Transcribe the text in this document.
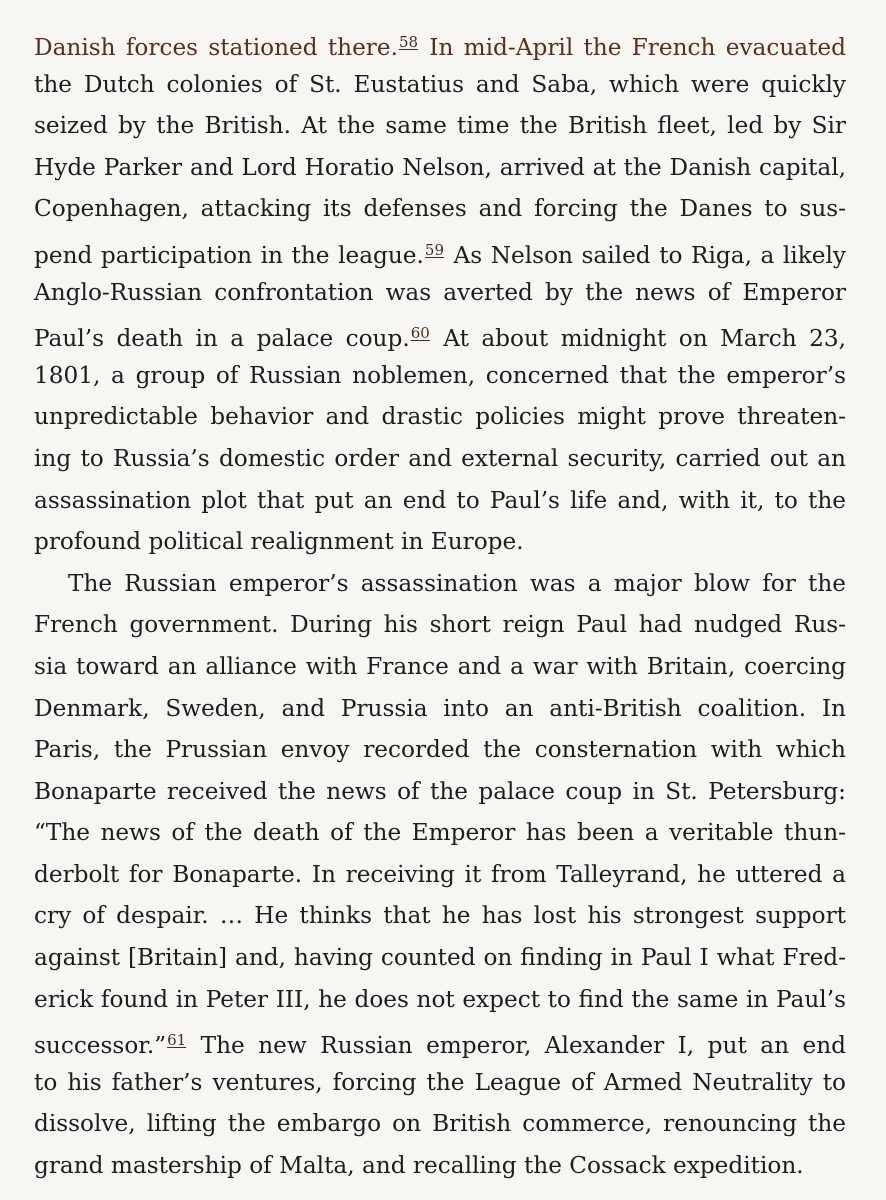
Danish forces stationed there.$^{58}$ In mid-April the French evacuated
the Dutch colonies of St. Eustatius and Saba, which were quickly
seized by the British. At the same time the British fleet, led by Sir
Hyde Parker and Lord Horatio Nelson, arrived at the Danish capital,
Copenhagen, attacking its defenses and forcing the Danes to sus-
pend participation in the league.$^{59}$ As Nelson sailed to Riga, a likely
Anglo-Russian confrontation was averted by the news of Emperor
Paul’s death in a palace coup.$^{60}$ At about midnight on March 23,
1801, a group of Russian noblemen, concerned that the emperor’s
unpredictable behavior and drastic policies might prove threaten-
ing to Russia’s domestic order and external security, carried out an
assassination plot that put an end to Paul’s life and, with it, to the
profound political realignment in Europe.
The Russian emperor’s assassination was a major blow for the
French government. During his short reign Paul had nudged Rus-
sia toward an alliance with France and a war with Britain, coercing
Denmark, Sweden, and Prussia into an anti-British coalition. In
Paris, the Prussian envoy recorded the consternation with which
Bonaparte received the news of the palace coup in St. Petersburg:
“The news of the death of the Emperor has been a veritable thun-
derbolt for Bonaparte. In receiving it from Talleyrand, he uttered a
cry of despair. … He thinks that he has lost his strongest support
against [Britain] and, having counted on finding in Paul I what Fred-
erick found in Peter III, he does not expect to find the same in Paul’s
successor.”$^{61}$ The new Russian emperor, Alexander I, put an end
to his father’s ventures, forcing the League of Armed Neutrality to
dissolve, lifting the embargo on British commerce, renouncing the
grand mastership of Malta, and recalling the Cossack expedition.
